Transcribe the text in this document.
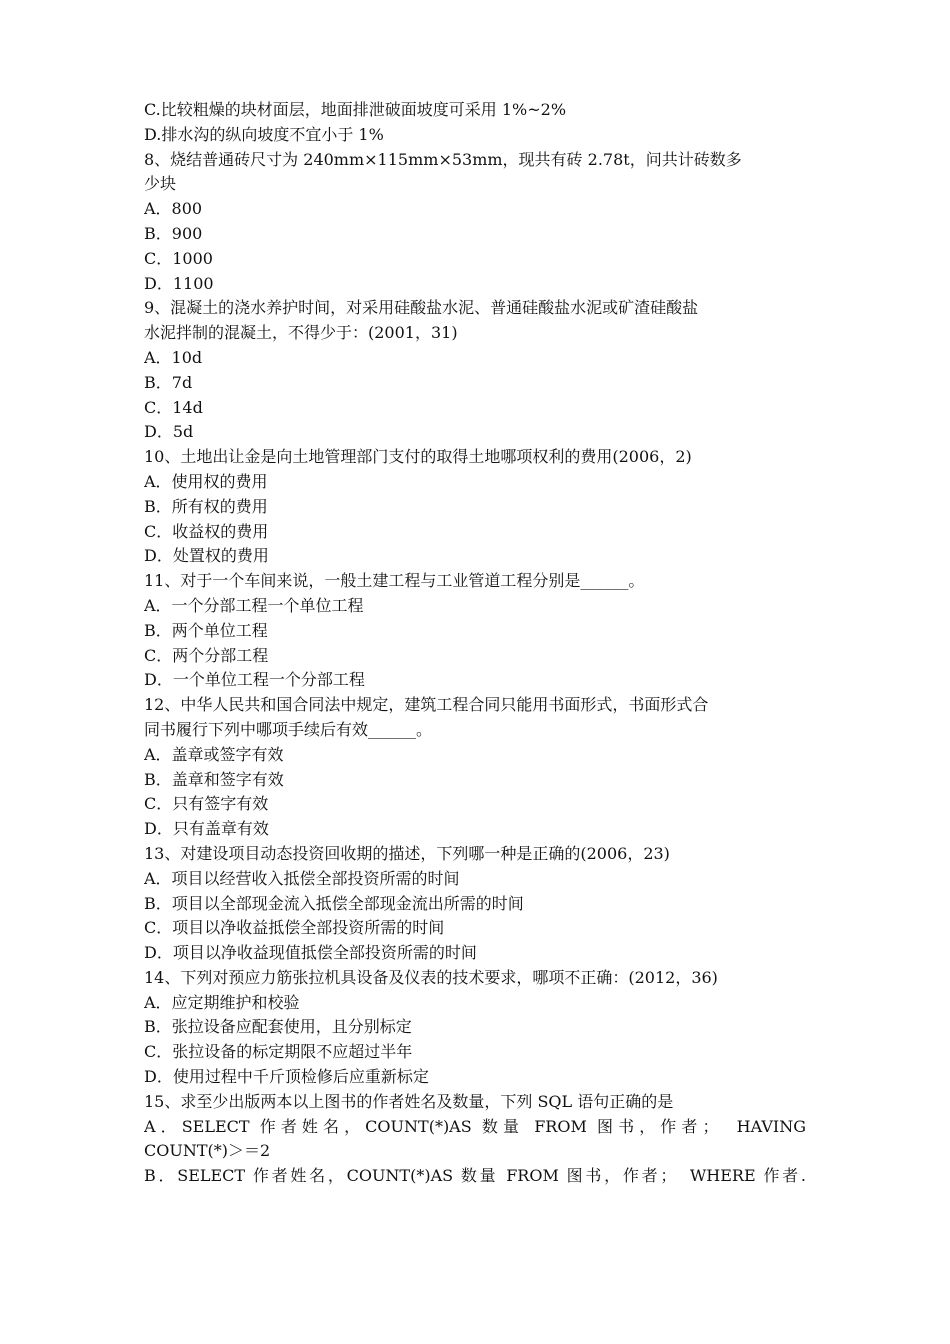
C.比较粗燥的块材面层，地面排泄破面坡度可采用 1%~2%
D.排水沟的纵向坡度不宜小于 1%
8、烧结普通砖尺寸为 240mm×115mm×53mm，现共有砖 2.78t，问共计砖数多
少块
A．800
B．900
C．1000
D．1100
9、混凝土的浇水养护时间，对采用硅酸盐水泥、普通硅酸盐水泥或矿渣硅酸盐
水泥拌制的混凝土，不得少于：(2001，31)
A．10d
B．7d
C．14d
D．5d
10、土地出让金是向土地管理部门支付的取得土地哪项权利的费用(2006，2)
A．使用权的费用
B．所有权的费用
C．收益权的费用
D．处置权的费用
11、对于一个车间来说，一般土建工程与工业管道工程分别是______。
A．一个分部工程一个单位工程
B．两个单位工程
C．两个分部工程
D．一个单位工程一个分部工程
12、中华人民共和国合同法中规定，建筑工程合同只能用书面形式，书面形式合
同书履行下列中哪项手续后有效______。
A．盖章或签字有效
B．盖章和签字有效
C．只有签字有效
D．只有盖章有效
13、对建设项目动态投资回收期的描述，下列哪一种是正确的(2006，23)
A．项目以经营收入抵偿全部投资所需的时间
B．项目以全部现金流入抵偿全部现金流出所需的时间
C．项目以净收益抵偿全部投资所需的时间
D．项目以净收益现值抵偿全部投资所需的时间
14、下列对预应力筋张拉机具设备及仪表的技术要求，哪项不正确：(2012，36)
A．应定期维护和校验
B．张拉设备应配套使用，且分别标定
C．张拉设备的标定期限不应超过半年
D．使用过程中千斤顶检修后应重新标定
15、求至少出版两本以上图书的作者姓名及数量，下列 SQL 语句正确的是
A．SELECT 作者姓名，COUNT(*)AS 数量 FROM 图书，作者；　HAVING
COUNT(*)＞＝2
B．SELECT 作者姓名，COUNT(*)AS 数量 FROM 图书，作者；　WHERE 作者.
